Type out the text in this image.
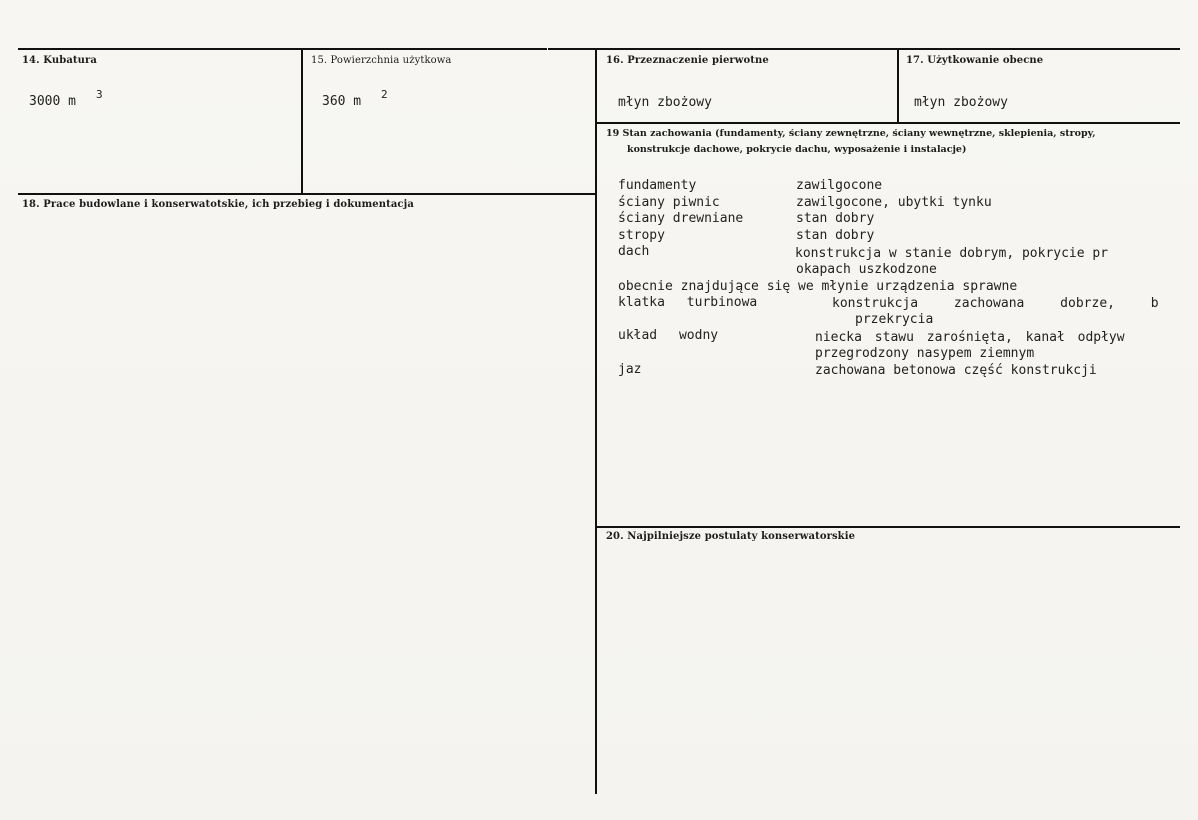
14. Kubatura
3000 m 3
15. Powierzchnia użytkowa
360 m 2
16. Przeznaczenie pierwotne
młyn zbożowy
17. Użytkowanie obecne
młyn zbożowy
18. Prace budowlane i konserwatotskie, ich przebieg i dokumentacja
19 Stan zachowania (fundamenty, ściany zewnętrzne, ściany wewnętrzne, sklepienia, stropy,
konstrukcje dachowe, pokrycie dachu, wyposażenie i instalacje)
fundamenty	zawilgocone
ściany piwnic	zawilgocone, ubytki tynku
ściany drewniane	stan dobry
stropy	stan dobry
dach	konstrukcja w stanie dobrym, pokrycie pr
okapach uszkodzone
obecnie znajdujące się we młynie urządzenia sprawne
klatka turbinowa	konstrukcja zachowana dobrze, b
przekrycia
układ wodny	niecka stawu zarośnięta, kanał odpływ
przegrodzony nasypem ziemnym
jaz	zachowana betonowa część konstrukcji
20. Najpilniejsze postulaty konserwatorskie
